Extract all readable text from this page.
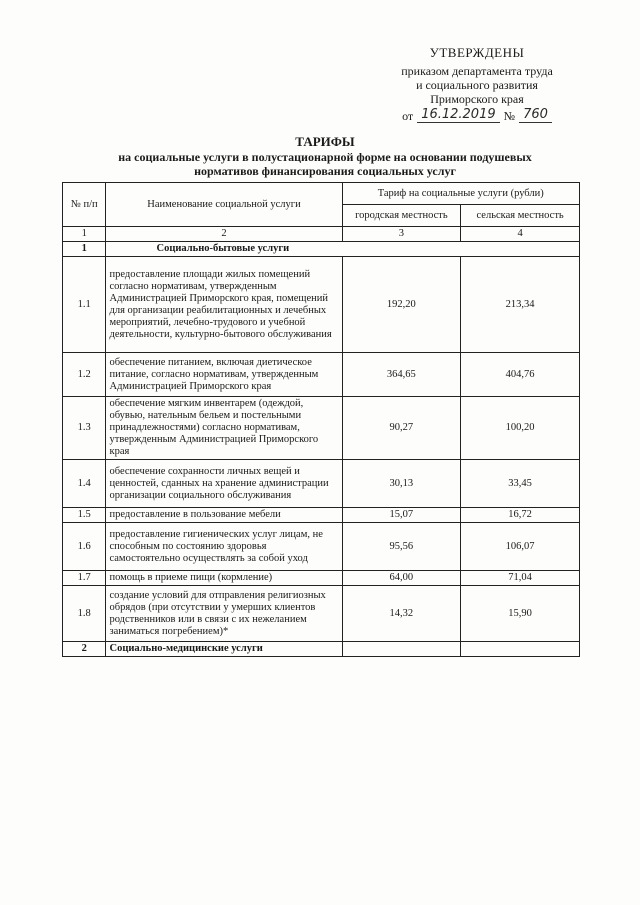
УТВЕРЖДЕНЫ
приказом департамента труда
и социального развития
Приморского края
от 16.12.2019 № 760
ТАРИФЫ
на социальные услуги в полустационарной форме на основании подушевых
нормативов финансирования социальных услуг
№ п/п	Наименование социальной услуги	Тариф на социальные услуги (рубли)	
		городская местность	сельская местность
1	2	3	4
1	Социально-бытовые услуги		
1.1	предоставление площади жилых помещений согласно нормативам, утвержденным Администрацией Приморского края, помещений для организации реабилитационных и лечебных мероприятий, лечебно-трудового и учебной деятельности, культурно-бытового обслуживания	192,20	213,34
1.2	обеспечение питанием, включая диетическое питание, согласно нормативам, утвержденным Администрацией Приморского края	364,65	404,76
1.3	обеспечение мягким инвентарем (одеждой, обувью, нательным бельем и постельными принадлежностями) согласно нормативам, утвержденным Администрацией Приморского края	90,27	100,20
1.4	обеспечение сохранности личных вещей и ценностей, сданных на хранение администрации организации социального обслуживания	30,13	33,45
1.5	предоставление в пользование мебели	15,07	16,72
1.6	предоставление гигиенических услуг лицам, не способным по состоянию здоровья самостоятельно осуществлять за собой уход	95,56	106,07
1.7	помощь в приеме пищи (кормление)	64,00	71,04
1.8	создание условий для отправления религиозных обрядов (при отсутствии у умерших клиентов родственников или в связи с их нежеланием заниматься погребением)*	14,32	15,90
2	Социально-медицинские услуги		
